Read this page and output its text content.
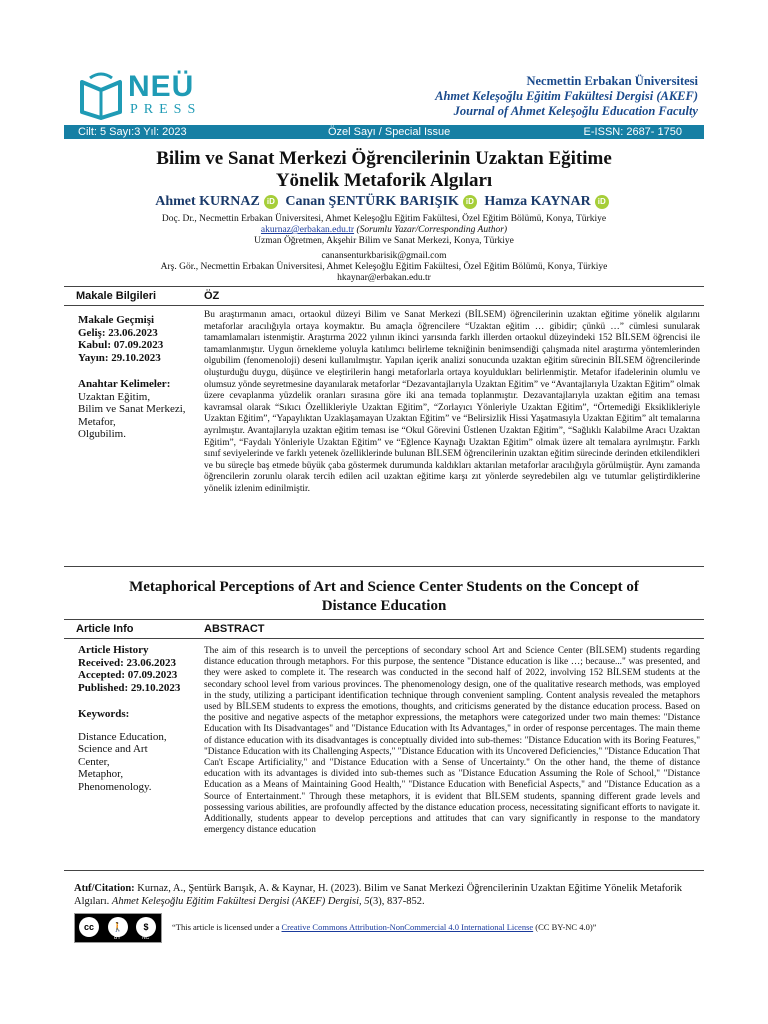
NEÜ
PRESS
Necmettin Erbakan Üniversitesi
Ahmet Keleşoğlu Eğitim Fakültesi Dergisi (AKEF)
Journal of Ahmet Keleşoğlu Education Faculty
Cilt: 5 Sayı:3 Yıl: 2023	Özel Sayı / Special Issue	E-ISSN: 2687- 1750
Bilim ve Sanat Merkezi Öğrencilerinin Uzaktan Eğitime
Yönelik Metaforik Algıları
Ahmet KURNAZ iD Canan ŞENTÜRK BARIŞIK iD Hamza KAYNAR iD
Doç. Dr., Necmettin Erbakan Üniversitesi, Ahmet Keleşoğlu Eğitim Fakültesi, Özel Eğitim Bölümü, Konya, Türkiye
akurnaz@erbakan.edu.tr (Sorumlu Yazar/Corresponding Author)
Uzman Öğretmen, Akşehir Bilim ve Sanat Merkezi, Konya, Türkiye
canansenturkbarisik@gmail.com
Arş. Gör., Necmettin Erbakan Üniversitesi, Ahmet Keleşoğlu Eğitim Fakültesi, Özel Eğitim Bölümü, Konya, Türkiye
hkaynar@erbakan.edu.tr
Makale Bilgileri	ÖZ
Makale Geçmişi
Geliş: 23.06.2023
Kabul: 07.09.2023
Yayın: 29.10.2023
Anahtar Kelimeler:
Uzaktan Eğitim,
Bilim ve Sanat Merkezi,
Metafor,
Olgubilim.
Bu araştırmanın amacı, ortaokul düzeyi Bilim ve Sanat Merkezi (BİLSEM) öğrencilerinin uzaktan eğitime yönelik algılarını metaforlar aracılığıyla ortaya koymaktır. Bu amaçla öğrencilere “Uzaktan eğitim … gibidir; çünkü …” cümlesi sunularak tamamlamaları istenmiştir. Araştırma 2022 yılının ikinci yarısında farklı illerden ortaokul düzeyindeki 152 BİLSEM öğrencisi ile tamamlanmıştır. Uygun örnekleme yoluyla katılımcı belirleme tekniğinin benimsendiği çalışmada nitel araştırma yöntemlerinden olgubilim (fenomenoloji) deseni kullanılmıştır. Yapılan içerik analizi sonucunda uzaktan eğitim sürecinin BİLSEM öğrencilerinde oluşturduğu duygu, düşünce ve eleştirilerin hangi metaforlarla ortaya koyuldukları belirlenmiştir. Metafor ifadelerinin olumlu ve olumsuz yönde seyretmesine dayanılarak metaforlar “Dezavantajlarıyla Uzaktan Eğitim” ve “Avantajlarıyla Uzaktan Eğitim” olmak üzere cevaplanma yüzdelik oranları sırasına göre iki ana temada toplanmıştır. Dezavantajlarıyla uzaktan eğitim ana teması kavramsal olarak “Sıkıcı Özellikleriyle Uzaktan Eğitim”, “Zorlayıcı Yönleriyle Uzaktan Eğitim”, “Örtemediği Eksiklikleriyle Uzaktan Eğitim”, “Yapaylıktan Uzaklaşamayan Uzaktan Eğitim” ve “Belirsizlik Hissi Yaşatmasıyla Uzaktan Eğitim” alt temalarına ayrılmıştır. Avantajlarıyla uzaktan eğitim teması ise “Okul Görevini Üstlenen Uzaktan Eğitim”, “Sağlıklı Kalabilme Aracı Uzaktan Eğitim”, “Faydalı Yönleriyle Uzaktan Eğitim” ve “Eğlence Kaynağı Uzaktan Eğitim” olmak üzere alt temalara ayrılmıştır. Farklı sınıf seviyelerinde ve farklı yetenek özelliklerinde bulunan BİLSEM öğrencilerinin uzaktan eğitim sürecinde derinden etkilendikleri ve bu süreçle baş etmede büyük çaba göstermek durumunda kaldıkları aktarılan metaforlar aracılığıyla görülmüştür. Aynı zamanda öğrencilerin zorunlu olarak tercih edilen acil uzaktan eğitime karşı zıt yönlerde seyredebilen algı ve tutumlar geliştirdiklerine yönelik izlenim edinilmiştir.
Metaphorical Perceptions of Art and Science Center Students on the Concept of
Distance Education
Article Info	ABSTRACT
Article History
Received: 23.06.2023
Accepted: 07.09.2023
Published: 29.10.2023
Keywords:
Distance Education,
Science and Art
Center,
Metaphor,
Phenomenology.
The aim of this research is to unveil the perceptions of secondary school Art and Science Center (BİLSEM) students regarding distance education through metaphors. For this purpose, the sentence "Distance education is like …; because..." was presented, and they were asked to complete it. The research was conducted in the second half of 2022, involving 152 BİLSEM students at the secondary school level from various provinces. The phenomenology design, one of the qualitative research methods, was employed in the study, utilizing a participant identification technique through convenient sampling. Content analysis revealed the metaphors used by BİLSEM students to express the emotions, thoughts, and criticisms generated by the distance education process. Based on the positive and negative aspects of the metaphor expressions, the metaphors were categorized under two main themes: "Distance Education with Its Disadvantages" and "Distance Education with Its Advantages," in order of response percentages. The main theme of distance education with its disadvantages is conceptually divided into sub-themes: "Distance Education with its Boring Features," "Distance Education with its Challenging Aspects," "Distance Education with its Uncovered Deficiencies," "Distance Education That Can't Escape Artificiality," and "Distance Education with a Sense of Uncertainty." On the other hand, the theme of distance education with its advantages is divided into sub-themes such as "Distance Education Assuming the Role of School," "Distance Education as a Means of Maintaining Good Health," "Distance Education with Beneficial Aspects," and "Distance Education as a Source of Entertainment." Through these metaphors, it is evident that BİLSEM students, spanning different grade levels and possessing various abilities, are profoundly affected by the distance education process, necessitating significant efforts to navigate it. Additionally, students appear to develop perceptions and attitudes that can vary significantly in response to the mandatory emergency distance education
Atıf/Citation: Kurnaz, A., Şentürk Barışık, A. & Kaynar, H. (2023). Bilim ve Sanat Merkezi Öğrencilerinin Uzaktan Eğitime Yönelik Metaforik Algıları. Ahmet Keleşoğlu Eğitim Fakültesi Dergisi (AKEF) Dergisi, 5(3), 837-852.
cc	🚶	$
BY	NC
“This article is licensed under a Creative Commons Attribution-NonCommercial 4.0 International License (CC BY-NC 4.0)”
